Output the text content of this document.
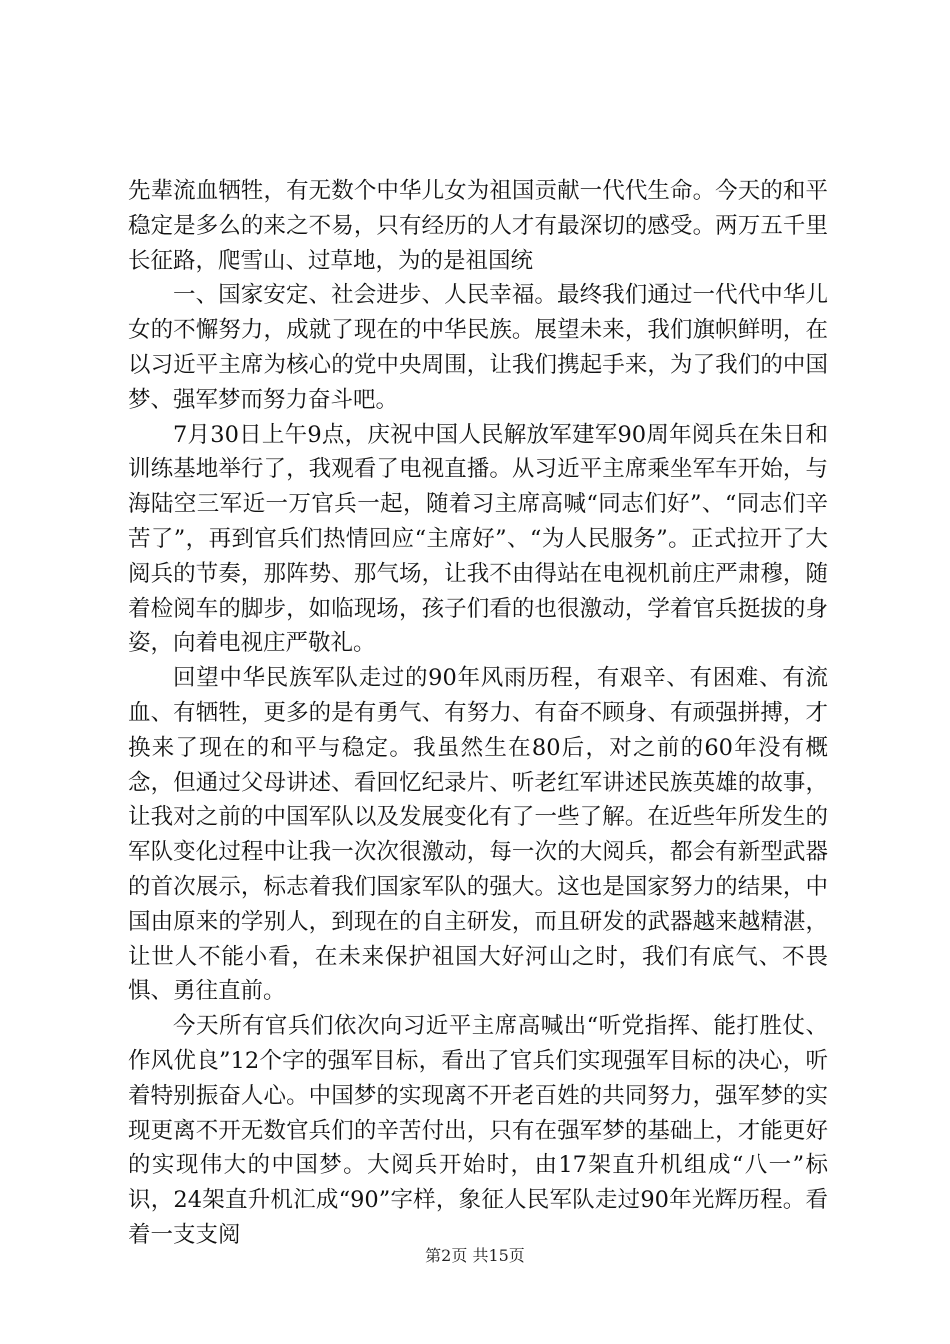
先辈流血牺牲，有无数个中华儿女为祖国贡献一代代生命。今天的和平稳定是多么的来之不易，只有经历的人才有最深切的感受。两万五千里长征路，爬雪山、过草地，为的是祖国统

一、国家安定、社会进步、人民幸福。最终我们通过一代代中华儿女的不懈努力，成就了现在的中华民族。展望未来，我们旗帜鲜明，在以习近平主席为核心的党中央周围，让我们携起手来，为了我们的中国梦、强军梦而努力奋斗吧。

7月30日上午9点，庆祝中国人民解放军建军90周年阅兵在朱日和训练基地举行了，我观看了电视直播。从习近平主席乘坐军车开始，与海陆空三军近一万官兵一起，随着习主席高喊“同志们好”、“同志们辛苦了”，再到官兵们热情回应“主席好”、“为人民服务”。正式拉开了大阅兵的节奏，那阵势、那气场，让我不由得站在电视机前庄严肃穆，随着检阅车的脚步，如临现场，孩子们看的也很激动，学着官兵挺拔的身姿，向着电视庄严敬礼。

回望中华民族军队走过的90年风雨历程，有艰辛、有困难、有流血、有牺牲，更多的是有勇气、有努力、有奋不顾身、有顽强拼搏，才换来了现在的和平与稳定。我虽然生在80后，对之前的60年没有概念，但通过父母讲述、看回忆纪录片、听老红军讲述民族英雄的故事，让我对之前的中国军队以及发展变化有了一些了解。在近些年所发生的军队变化过程中让我一次次很激动，每一次的大阅兵，都会有新型武器的首次展示，标志着我们国家军队的强大。这也是国家努力的结果，中国由原来的学别人，到现在的自主研发，而且研发的武器越来越精湛，让世人不能小看，在未来保护祖国大好河山之时，我们有底气、不畏惧、勇往直前。

今天所有官兵们依次向习近平主席高喊出“听党指挥、能打胜仗、作风优良”12个字的强军目标，看出了官兵们实现强军目标的决心，听着特别振奋人心。中国梦的实现离不开老百姓的共同努力，强军梦的实现更离不开无数官兵们的辛苦付出，只有在强军梦的基础上，才能更好的实现伟大的中国梦。大阅兵开始时，由17架直升机组成“八一”标识，24架直升机汇成“90”字样，象征人民军队走过90年光辉历程。看着一支支阅

第2页 共15页
